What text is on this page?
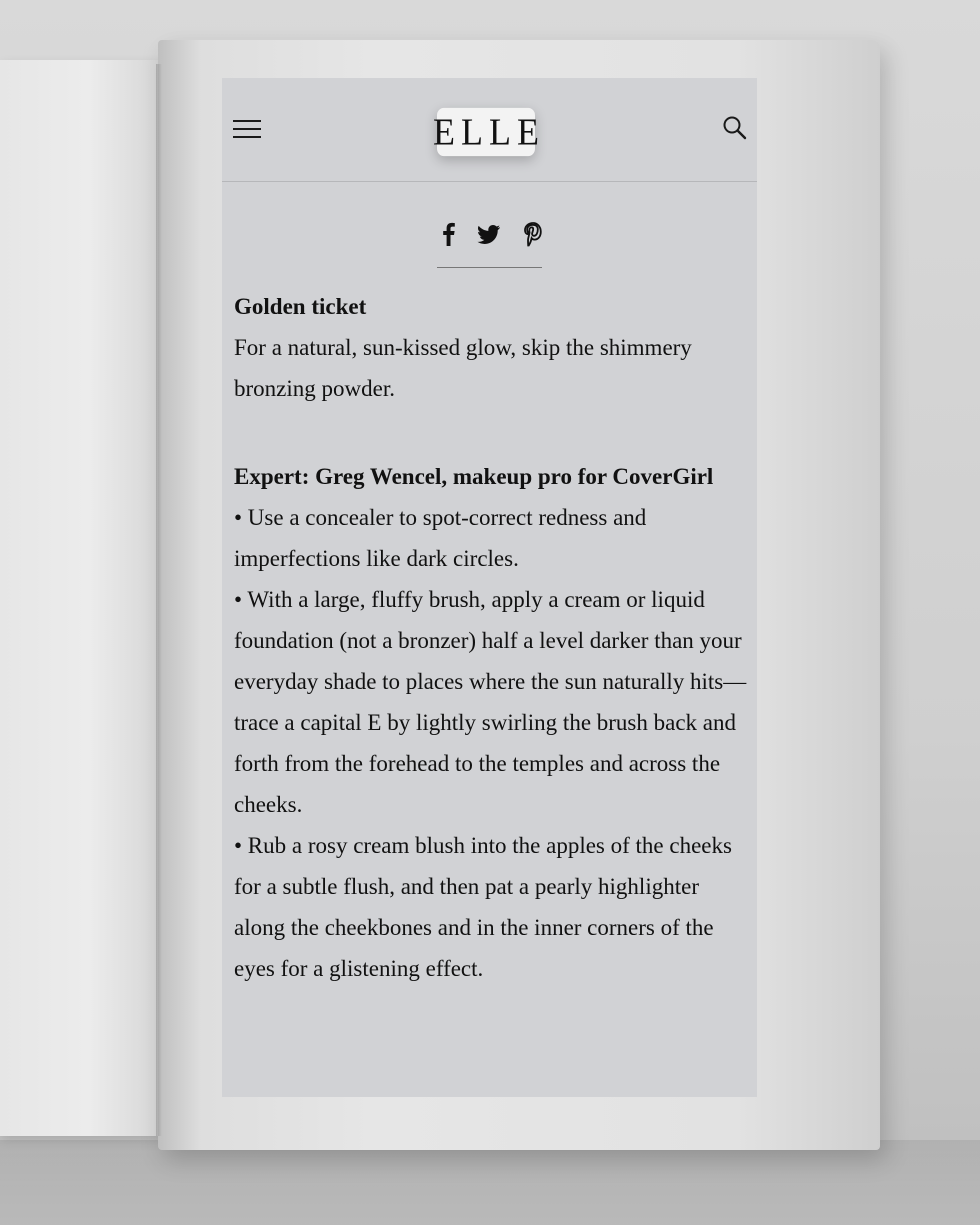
ELLE

Golden ticket

For a natural, sun-kissed glow, skip the shimmery bronzing powder.

Expert: Greg Wencel, makeup pro for CoverGirl

• Use a concealer to spot-correct redness and imperfections like dark circles.

• With a large, fluffy brush, apply a cream or liquid foundation (not a bronzer) half a level darker than your everyday shade to places where the sun naturally hits—trace a capital E by lightly swirling the brush back and forth from the forehead to the temples and across the cheeks.

• Rub a rosy cream blush into the apples of the cheeks for a subtle flush, and then pat a pearly highlighter along the cheekbones and in the inner corners of the eyes for a glistening effect.
